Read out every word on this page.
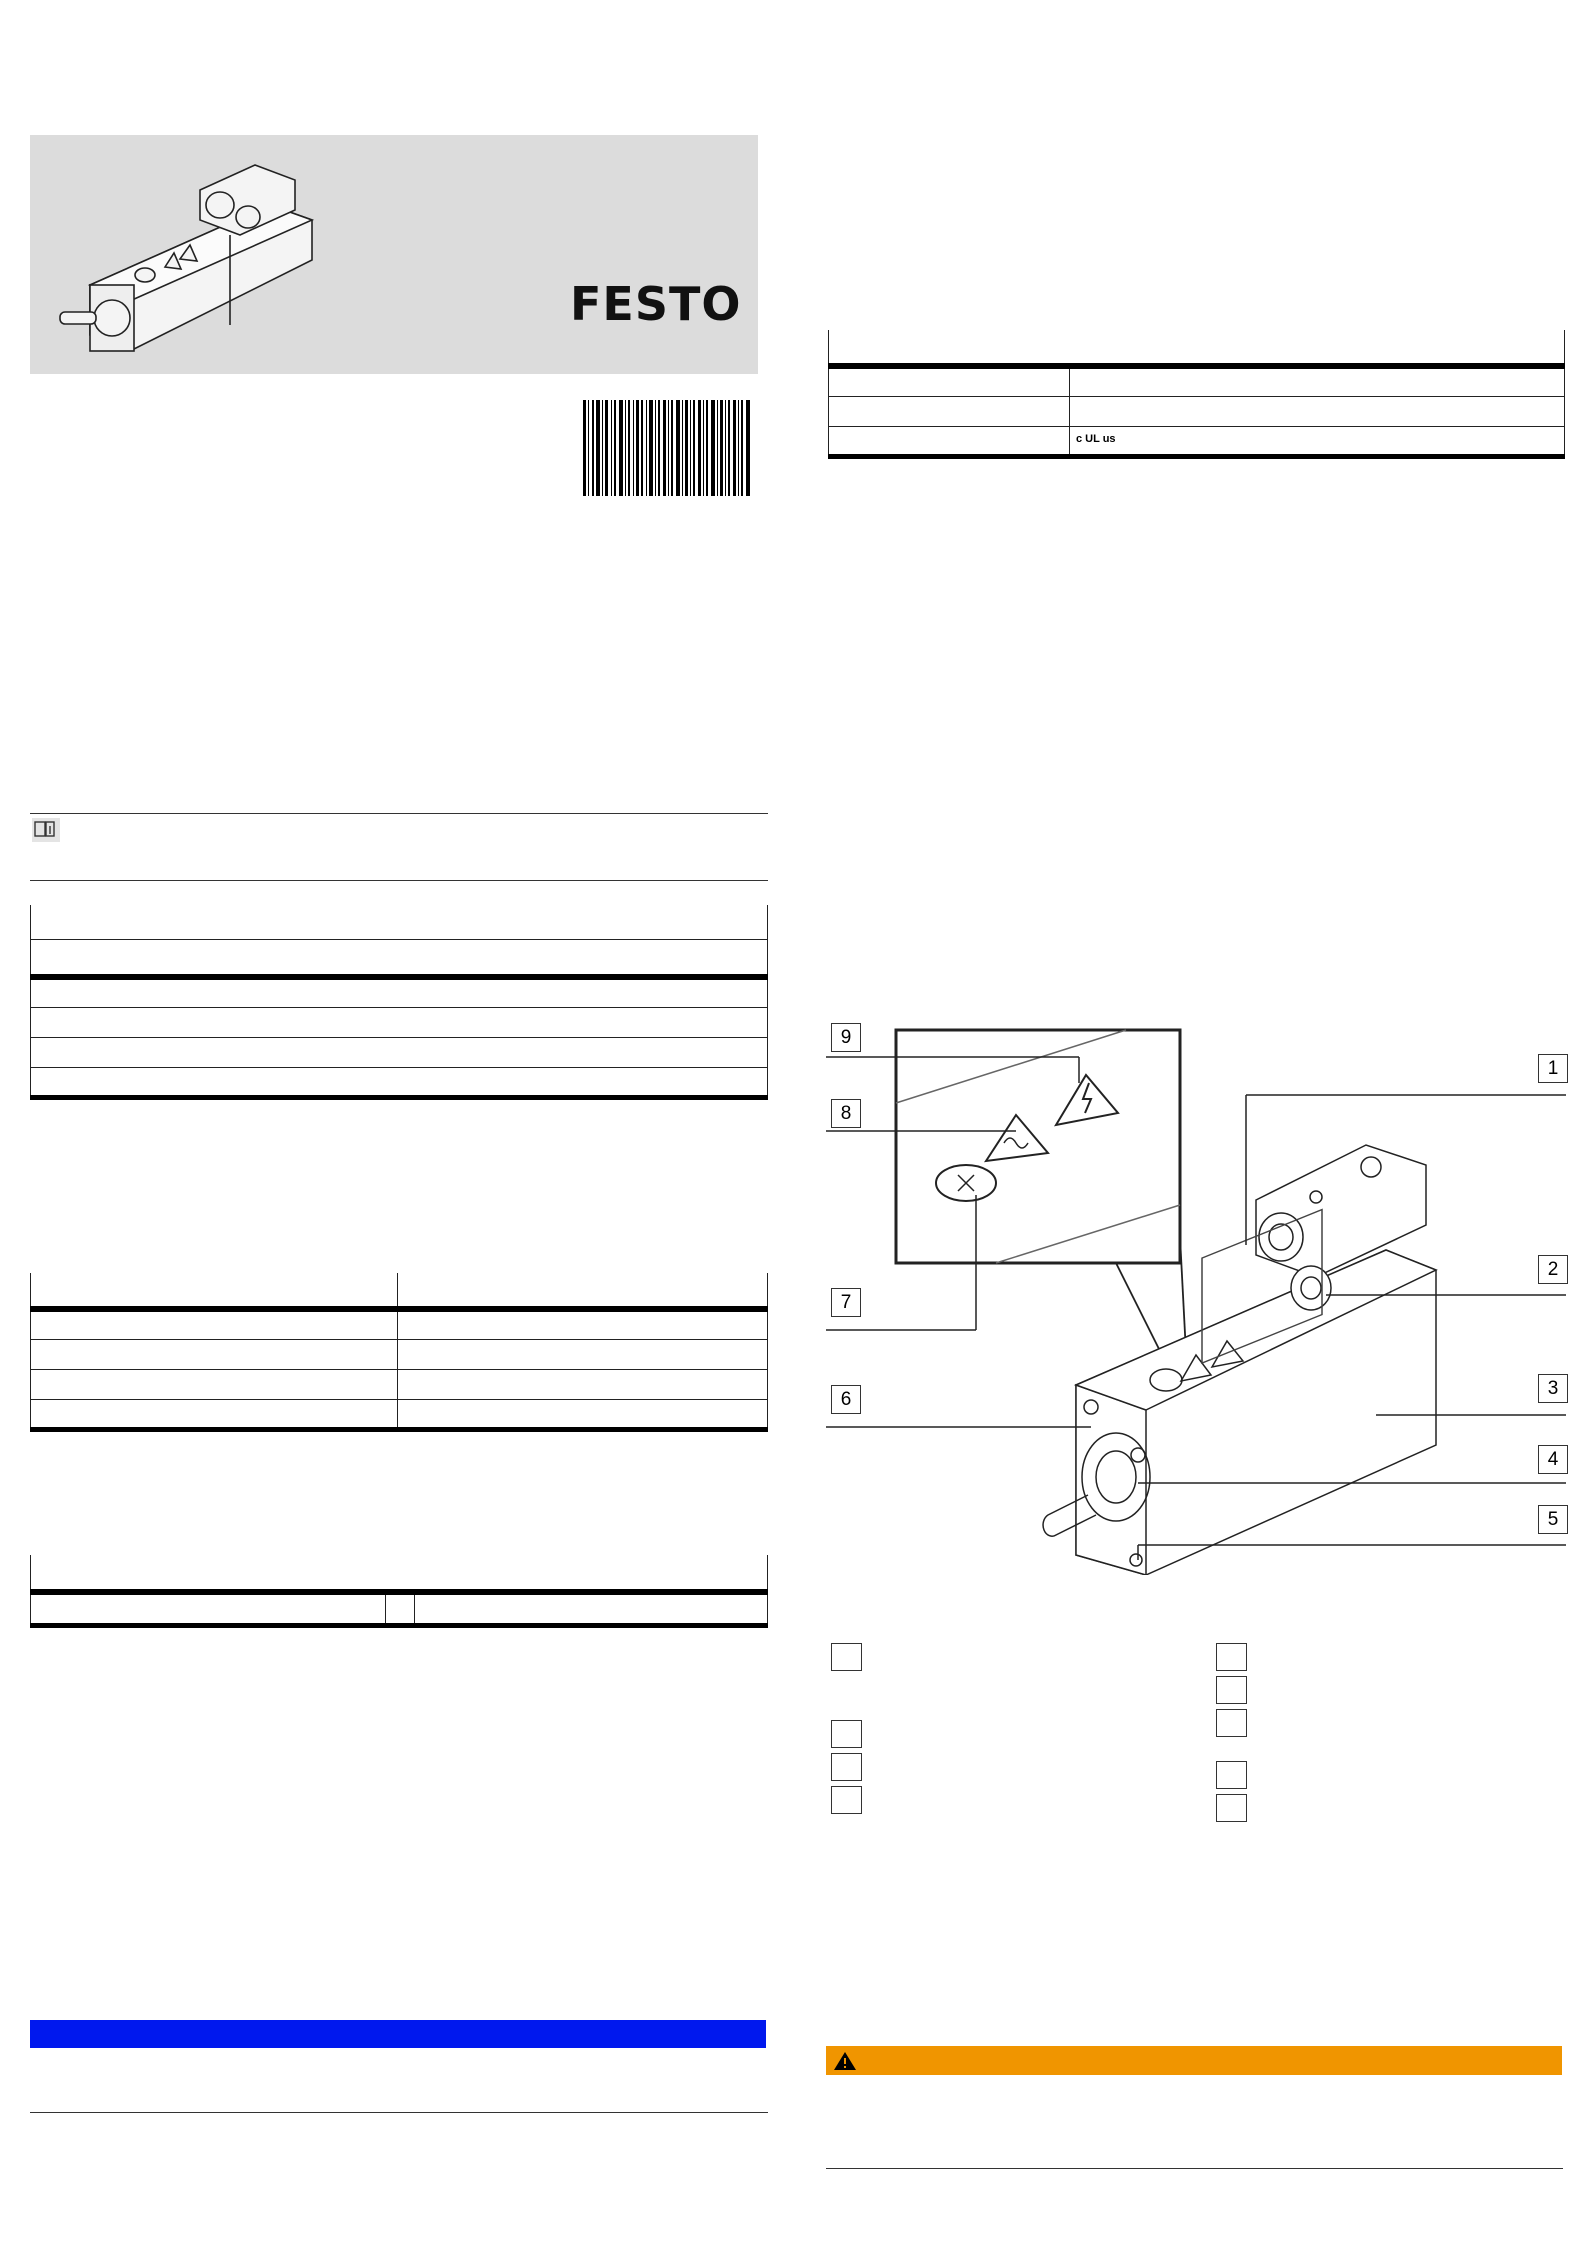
FESTO

	c UL us
9
8
7
6
1
2
3
4
5
